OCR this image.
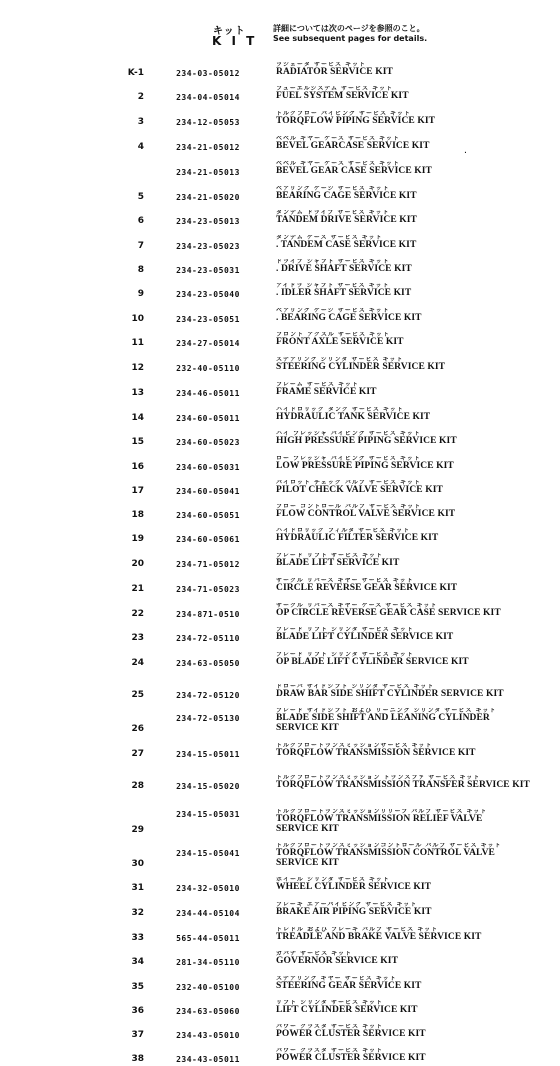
キット
K I T
詳細については次のページを参照のこと。
See subsequent pages for details.
K-1	234-03-05012
ラジェータ サービス キット
RADIATOR SERVICE KIT
2	234-04-05014
フューエルシステム サービス キット
FUEL SYSTEM SERVICE KIT
3	234-12-05053
トルクフロー パイピング サービス キット
TORQFLOW PIPING SERVICE KIT
4	234-21-05012
ベベル ギヤー ケース サービス キット
BEVEL GEARCASE SERVICE KIT
234-21-05013
ベベル ギヤー ケース サービス キット
BEVEL GEAR CASE SERVICE KIT
5	234-21-05020
ベアリング ケージ サービス キット
BEARING CAGE SERVICE KIT
6	234-23-05013
タンデム ドライブ サービス キット
TANDEM DRIVE SERVICE KIT
7	234-23-05023
タンデム ケース サービス キット
. TANDEM CASE SERVICE KIT
8	234-23-05031
ドライブ シャフト サービス キット
. DRIVE SHAFT SERVICE KIT
9	234-23-05040
アイドラ シャフト サービス キット
. IDLER SHAFT SERVICE KIT
10	234-23-05051
ベアリング ケージ サービス キット
. BEARING CAGE SERVICE KIT
11	234-27-05014
フロント アクスル サービス キット
FRONT AXLE SERVICE KIT
12	232-40-05110
ステアリング シリンダ サービス キット
STEERING CYLINDER SERVICE KIT
13	234-46-05011
フレーム サービス キット
FRAME SERVICE KIT
14	234-60-05011
ハイドロリック タンク サービス キット
HYDRAULIC TANK SERVICE KIT
15	234-60-05023
ハイ プレッシャ パイピング サービス キット
HIGH PRESSURE PIPING SERVICE KIT
16	234-60-05031
ロー プレッシャ パイピング サービス キット
LOW PRESSURE PIPING SERVICE KIT
17	234-60-05041
パイロット チェック バルブ サービス キット
PILOT CHECK VALVE SERVICE KIT
18	234-60-05051
フロー コントロール バルブ サービス キット
FLOW CONTROL VALVE SERVICE KIT
19	234-60-05061
ハイドロリック フィルタ サービス キット
HYDRAULIC FILTER SERVICE KIT
20	234-71-05012
ブレード リフト サービス キット
BLADE LIFT SERVICE KIT
21	234-71-05023
サークル リバース ギヤー サービス キット
CIRCLE REVERSE GEAR SERVICE KIT
22	234-871-0510
サークル リバース ギヤー ケース サービス キット
OP CIRCLE REVERSE GEAR CASE SERVICE KIT
23	234-72-05110
ブレード リフト シリンダ サービス キット
BLADE LIFT CYLINDER SERVICE KIT
24	234-63-05050
ブレード リフト シリンダ サービス キット
OP BLADE LIFT CYLINDER SERVICE KIT
25	234-72-05120
ドローバ サイドシフト シリンダ サービス キット
DRAW BAR SIDE SHIFT CYLINDER SERVICE KIT
26
234-72-05130
ブレード サイドシフト および リーニング シリンダ サービス キット
BLADE SIDE SHIFT AND LEANING CYLINDER
SERVICE KIT
27	234-15-05011
トルクフロートランスミッションサービス キット
TORQFLOW TRANSMISSION SERVICE KIT
28	234-15-05020
トルクフロートランスミッション トランスファ サービス キット
TORQFLOW TRANSMISSION TRANSFER SERVICE KIT
29
234-15-05031	トルクフロートランスミッションリリーフ バルブ サービス キット
TORQFLOW TRANSMISSION RELIEF VALVE
SERVICE KIT
30
234-15-05041
トルクフロートランスミッションコントロール バルブ サービス キット
TORQFLOW TRANSMISSION CONTROL VALVE
SERVICE KIT
31	234-32-05010
ホイール シリンダ サービス キット
WHEEL CYLINDER SERVICE KIT
32	234-44-05104
ブレーキ エアーパイピング サービス キット
BRAKE AIR PIPING SERVICE KIT
33	565-44-05011
トレドル および ブレーキ バルブ サービス キット
TREADLE AND BRAKE VALVE SERVICE KIT
34	281-34-05110
ガバナ サービス キット
GOVERNOR SERVICE KIT
35	232-40-05100
ステアリング ギヤー サービス キット
STEERING GEAR SERVICE KIT
36	234-63-05060
リフト シリンダ サービス キット
LIFT CYLINDER SERVICE KIT
37	234-43-05010
パワー クラスタ サービス キット
POWER CLUSTER SERVICE KIT
38	234-43-05011
パワー クラスタ サービス キット
POWER CLUSTER SERVICE KIT
·
